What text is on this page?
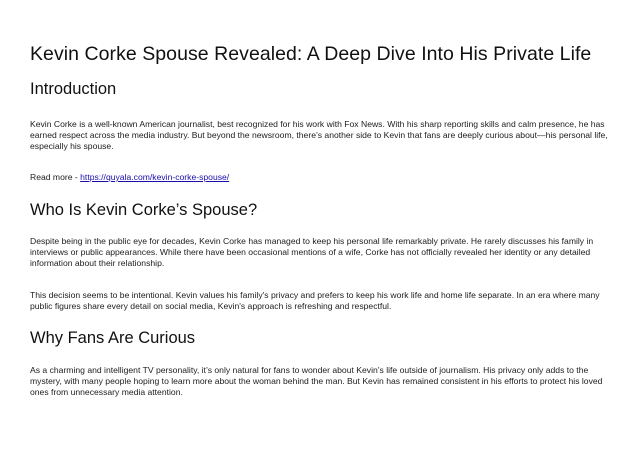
Kevin Corke Spouse Revealed: A Deep Dive Into His Private Life
Introduction

Kevin Corke is a well-known American journalist, best recognized for his work with Fox News. With his sharp reporting skills and calm presence, he has earned respect across the media industry. But beyond the newsroom, there’s another side to Kevin that fans are deeply curious about—his personal life, especially his spouse.

Read more - https://quyala.com/kevin-corke-spouse/

Who Is Kevin Corke’s Spouse?

Despite being in the public eye for decades, Kevin Corke has managed to keep his personal life remarkably private. He rarely discusses his family in interviews or public appearances. While there have been occasional mentions of a wife, Corke has not officially revealed her identity or any detailed information about their relationship.

This decision seems to be intentional. Kevin values his family's privacy and prefers to keep his work life and home life separate. In an era where many public figures share every detail on social media, Kevin's approach is refreshing and respectful.

Why Fans Are Curious

As a charming and intelligent TV personality, it’s only natural for fans to wonder about Kevin’s life outside of journalism. His privacy only adds to the mystery, with many people hoping to learn more about the woman behind the man. But Kevin has remained consistent in his efforts to protect his loved ones from unnecessary media attention.
